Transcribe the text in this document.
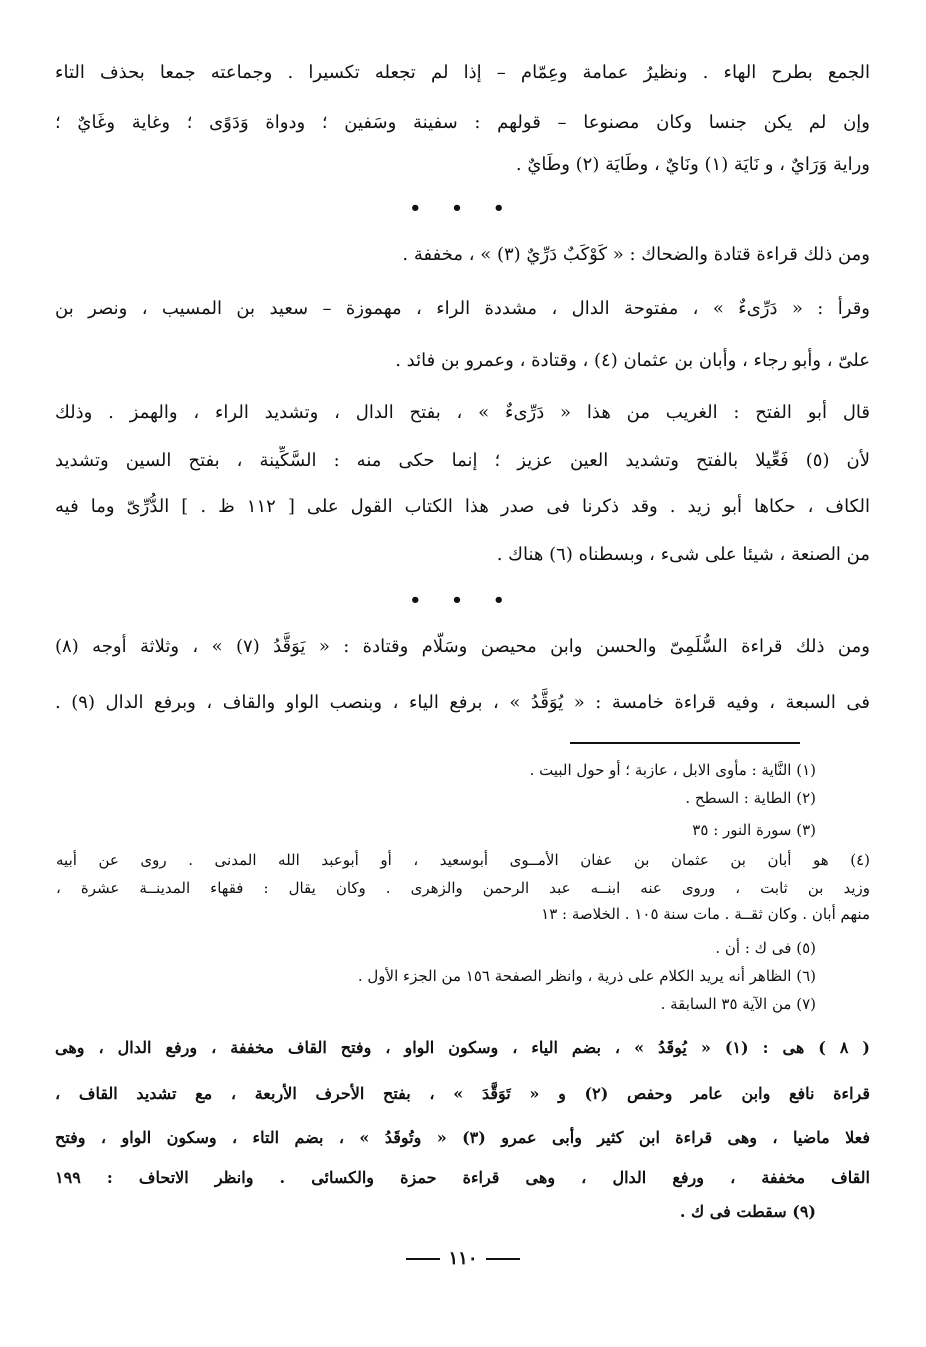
الجمع بطرح الهاء . ونظيرُ عمامة وعِمّام – إذا لم تجعله تكسيرا . وجماعته جمعا بحذف التاء
وإن لم يكن جنسا وكان مصنوعا – قولهم : سفينة وسَفين ؛ ودواة وَدَوًى ؛ وغاية وغَايٌ ؛
وراية وَرَايٌ ، و نَايَة (١) ونَايٌ ، وطَايَة (٢) وطَايٌ .
• • •
ومن ذلك قراءة قتادة والضحاك : « كَوْكَبٌ دَرِّيٌ (٣) » ، مخففة .
وقرأ : « دَرِّىءٌ » ، مفتوحة الدال ، مشددة الراء ، مهموزة – سعيد بن المسيب ، ونصر بن
علىّ ، وأبو رجاء ، وأبان بن عثمان (٤) ، وقتادة ، وعمرو بن فائد .
قال أبو الفتح : الغريب من هذا « دَرِّىءٌ » ، بفتح الدال ، وتشديد الراء ، والهمز . وذلك
لأن (٥) فَعِّيلا بالفتح وتشديد العين عزيز ؛ إنما حكى منه : السَّكِّينة ، بفتح السين وتشديد
الكاف ، حكاها أبو زيد . وقد ذكرنا فى صدر هذا الكتاب القول على [ ١١٢ ظ . ] الدُّرِّىّ وما فيه
من الصنعة ، شيئا على شىء ، وبسطناه (٦) هناك .
• • •
ومن ذلك قراءة السُّلَمِىّ والحسن وابن محيصن وسَلّام وقتادة : « يَوَقَّدُ (٧) » ، وثلاثة أوجه (٨)
فى السبعة ، وفيه قراءة خامسة : « يُوَقَّدُ » ، برفع الياء ، وبنصب الواو والقاف ، وبرفع الدال (٩) .
(١) النَّاية : مأوى الابل ، عازبة ؛ أو حول البيت .
(٢) الطاية : السطح .
(٣) سورة النور : ٣٥
(٤) هو أبان بن عثمان بن عفان الأمــوى أبوسعيد ، أو أبوعبد الله المدنى . روى عن أبيه
وزيد بن ثابت ، وروى عنه ابنــه عبد الرحمن والزهرى . وكان يقال : فقهاء المدينــة عشرة ،
منهم أبان . وكان ثقــة . مات سنة ١٠٥ . الخلاصة : ١٣
(٥) فى ك : أن .
(٦) الظاهر أنه يريد الكلام على ذرية ، وانظر الصفحة ١٥٦ من الجزء الأول .
(٧) من الآية ٣٥ السابقة .
( ٨ ) هى : (١) « يُوقَدُ » ، بضم الياء ، وسكون الواو ، وفتح القاف مخففة ، ورفع الدال ، وهى
قراءة نافع وابن عامر وحفص (٢) و « تَوَقَّدَ » ، بفتح الأحرف الأربعة ، مع تشديد القاف ،
فعلا ماضيا ، وهى قراءة ابن كثير وأبى عمرو (٣) « وتُوقَدُ » ، بضم التاء ، وسكون الواو ، وفتح
القاف مخففة ، ورفع الدال ، وهى قراءة حمزة والكسائى . وانظر الاتحاف : ١٩٩
(٩) سقطت فى ك .
١١٠
